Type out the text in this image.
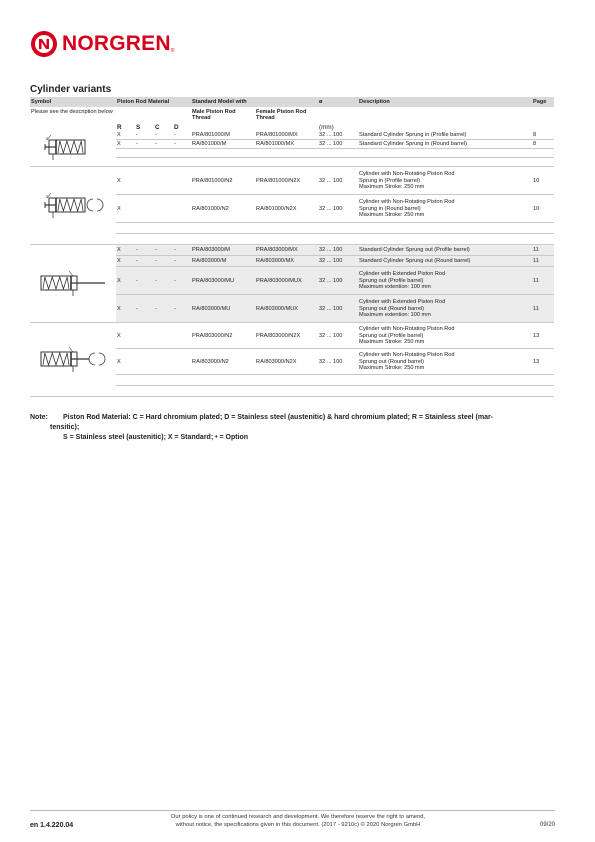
NORGREN ®
Cylinder variants
Symbol	Piston Rod Material				Standard Model with		ø	Description	Page
Please see the description below					Male Piston Rod Thread	Female Piston Rod Thread			
	R	S	C	D			(mm)		
	X	-	-	-	PRA/801000/M	PRA/801000/MX	32 ... 100	Standard Cylinder Sprung in (Profile barrel)	8
	X	-	-	-	RA/801000/M	RA/801000/MX	32 ... 100	Standard Cylinder Sprung in (Round barrel)	8

	X				PRA/801000/N2	PRA/801000/N2X	32 ... 100	Cylinder with Non-Rotating Piston Rod
Sprung in (Profile barrel)
Maximum Stroke: 250 mm	10
	X				RA/801000/N2	RA/801000/N2X	32 ... 100	Cylinder with Non-Rotating Piston Rod
Sprung in (Round barrel)
Maximum Stroke: 250 mm	10

	X	-	-	-	PRA/803000/M	PRA/803000/MX	32 ... 100	Standard Cylinder Sprung out (Profile barrel)	11
	X	-	-	-	RA/803000/M	RA/803000/MX	32 ... 100	Standard Cylinder Sprung out (Round barrel)	11
	X	-	-	-	PRA/803000/MU	PRA/803000/MUX	32 ... 100	Cylinder with Extended Piston Rod
Sprung out (Profile barrel)
Maximum extention: 100 mm	11
	X	-	-	-	RA/803000/MU	RA/803000/MUX	32 ... 100	Cylinder with Extended Piston Rod
Sprung out (Round barrel)
Maximum extention: 100 mm	11
	X				PRA/803000/N2	PRA/803000/N2X	32 ... 100	Cylinder with Non-Rotating Piston Rod
Sprung out (Profile barrel)
Maximum Stroke: 250 mm	13
	X				RA/803000/N2	RA/803000/N2X	32 ... 100	Cylinder with Non-Rotating Piston Rod
Sprung out (Round barrel)
Maximum Stroke: 250 mm	13

Note: Piston Rod Material: C = Hard chromium plated; D = Stainless steel (austenitic) & hard chromium plated; R = Stainless steel (mar-
tensitic);
S = Stainless steel (austenitic); X = Standard; • = Option
en 1.4.220.04
Our policy is one of continued research and development. We therefore reserve the right to amend,
without notice, the specifications given in this document. (2017 - 9210c) © 2020 Norgren GmbH	09/20
